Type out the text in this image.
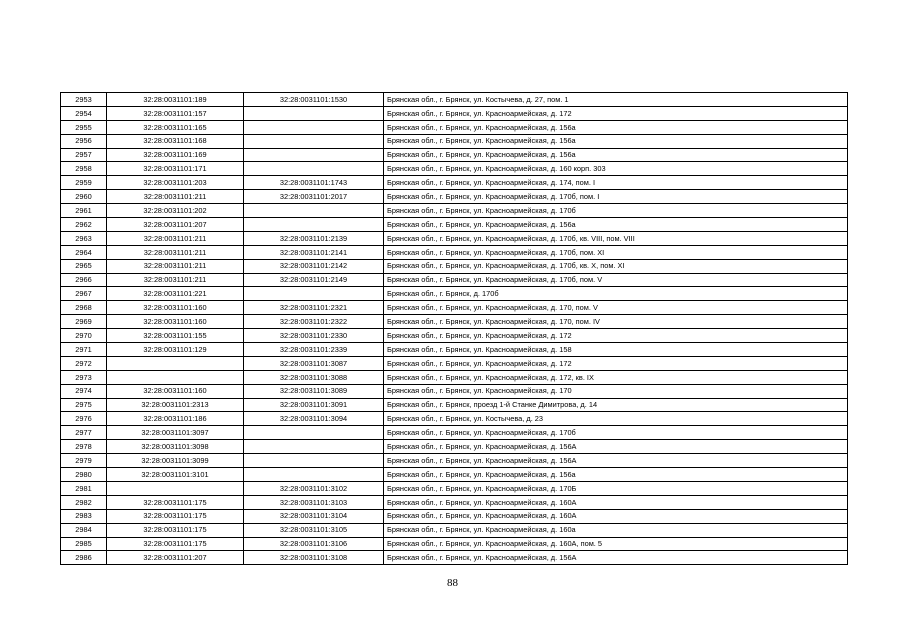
2953	32:28:0031101:189	32:28:0031101:1530	Брянская обл., г. Брянск, ул. Костычева, д. 27, пом. 1
2954	32:28:0031101:157		Брянская обл., г. Брянск, ул. Красноармейская, д. 172
2955	32:28:0031101:165		Брянская обл., г. Брянск, ул. Красноармейская, д. 156а
2956	32:28:0031101:168		Брянская обл., г. Брянск, ул. Красноармейская, д. 156а
2957	32:28:0031101:169		Брянская обл., г. Брянск, ул. Красноармейская, д. 156а
2958	32:28:0031101:171		Брянская обл., г. Брянск, ул. Красноармейская, д. 160 корп. 303
2959	32:28:0031101:203	32:28:0031101:1743	Брянская обл., г. Брянск, ул. Красноармейская, д. 174, пом. I
2960	32:28:0031101:211	32:28:0031101:2017	Брянская обл., г. Брянск, ул. Красноармейская, д. 170б, пом. I
2961	32:28:0031101:202		Брянская обл., г. Брянск, ул. Красноармейская, д. 170б
2962	32:28:0031101:207		Брянская обл., г. Брянск, ул. Красноармейская, д. 156а
2963	32:28:0031101:211	32:28:0031101:2139	Брянская обл., г. Брянск, ул. Красноармейская, д. 170б, кв. VIII, пом. VIII
2964	32:28:0031101:211	32:28:0031101:2141	Брянская обл., г. Брянск, ул. Красноармейская, д. 170б, пом. XI
2965	32:28:0031101:211	32:28:0031101:2142	Брянская обл., г. Брянск, ул. Красноармейская, д. 170б, кв. X, пом. XI
2966	32:28:0031101:211	32:28:0031101:2149	Брянская обл., г. Брянск, ул. Красноармейская, д. 170б, пом. V
2967	32:28:0031101:221		Брянская обл., г. Брянск, д. 170б
2968	32:28:0031101:160	32:28:0031101:2321	Брянская обл., г. Брянск, ул. Красноармейская, д. 170, пом. V
2969	32:28:0031101:160	32:28:0031101:2322	Брянская обл., г. Брянск, ул. Красноармейская, д. 170, пом. IV
2970	32:28:0031101:155	32:28:0031101:2330	Брянская обл., г. Брянск, ул. Красноармейская, д. 172
2971	32:28:0031101:129	32:28:0031101:2339	Брянская обл., г. Брянск, ул. Красноармейская, д. 158
2972		32:28:0031101:3087	Брянская обл., г. Брянск, ул. Красноармейская, д. 172
2973		32:28:0031101:3088	Брянская обл., г. Брянск, ул. Красноармейская, д. 172, кв. IX
2974	32:28:0031101:160	32:28:0031101:3089	Брянская обл., г. Брянск, ул. Красноармейская, д. 170
2975	32:28:0031101:2313	32:28:0031101:3091	Брянская обл., г. Брянск, проезд 1-й Станке Димитрова, д. 14
2976	32:28:0031101:186	32:28:0031101:3094	Брянская обл., г. Брянск, ул. Костычева, д. 23
2977	32:28:0031101:3097		Брянская обл., г. Брянск, ул. Красноармейская, д. 170б
2978	32:28:0031101:3098		Брянская обл., г. Брянск, ул. Красноармейская, д. 156А
2979	32:28:0031101:3099		Брянская обл., г. Брянск, ул. Красноармейская, д. 156А
2980	32:28:0031101:3101		Брянская обл., г. Брянск, ул. Красноармейская, д. 156а
2981		32:28:0031101:3102	Брянская обл., г. Брянск, ул. Красноармейская, д. 170Б
2982	32:28:0031101:175	32:28:0031101:3103	Брянская обл., г. Брянск, ул. Красноармейская, д. 160А
2983	32:28:0031101:175	32:28:0031101:3104	Брянская обл., г. Брянск, ул. Красноармейская, д. 160А
2984	32:28:0031101:175	32:28:0031101:3105	Брянская обл., г. Брянск, ул. Красноармейская, д. 160а
2985	32:28:0031101:175	32:28:0031101:3106	Брянская обл., г. Брянск, ул. Красноармейская, д. 160А, пом. 5
2986	32:28:0031101:207	32:28:0031101:3108	Брянская обл., г. Брянск, ул. Красноармейская, д. 156А
88
